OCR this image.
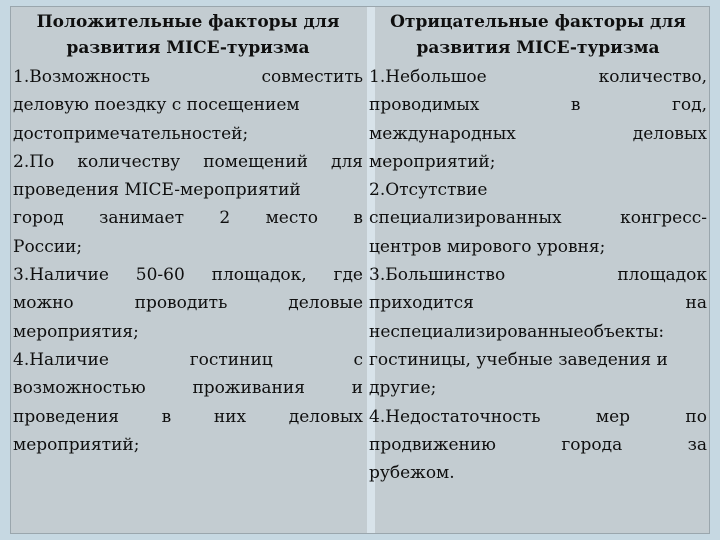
Положительные факторы для
развития MICE-туризма
1.Возможность совместить
деловую поездку с посещением
достопримечательностей;
2.По количеству помещений для
проведения MICE-мероприятий
город занимает 2 место в
России;
3.Наличие 50-60 площадок, где
можно проводить деловые
мероприятия;
4.Наличие гостиниц с
возможностью проживания и
проведения в них деловых
мероприятий;
Отрицательные факторы для
развития MICE-туризма
1.Небольшое количество,
проводимых в год,
международных деловых
мероприятий;
2.Отсутствие
специализированных конгресс-
центров мирового уровня;
3.Большинство площадок
приходится на
неспециализированныеобъекты:
гостиницы, учебные заведения и
другие;
4.Недостаточность мер по
продвижению города за
рубежом.
